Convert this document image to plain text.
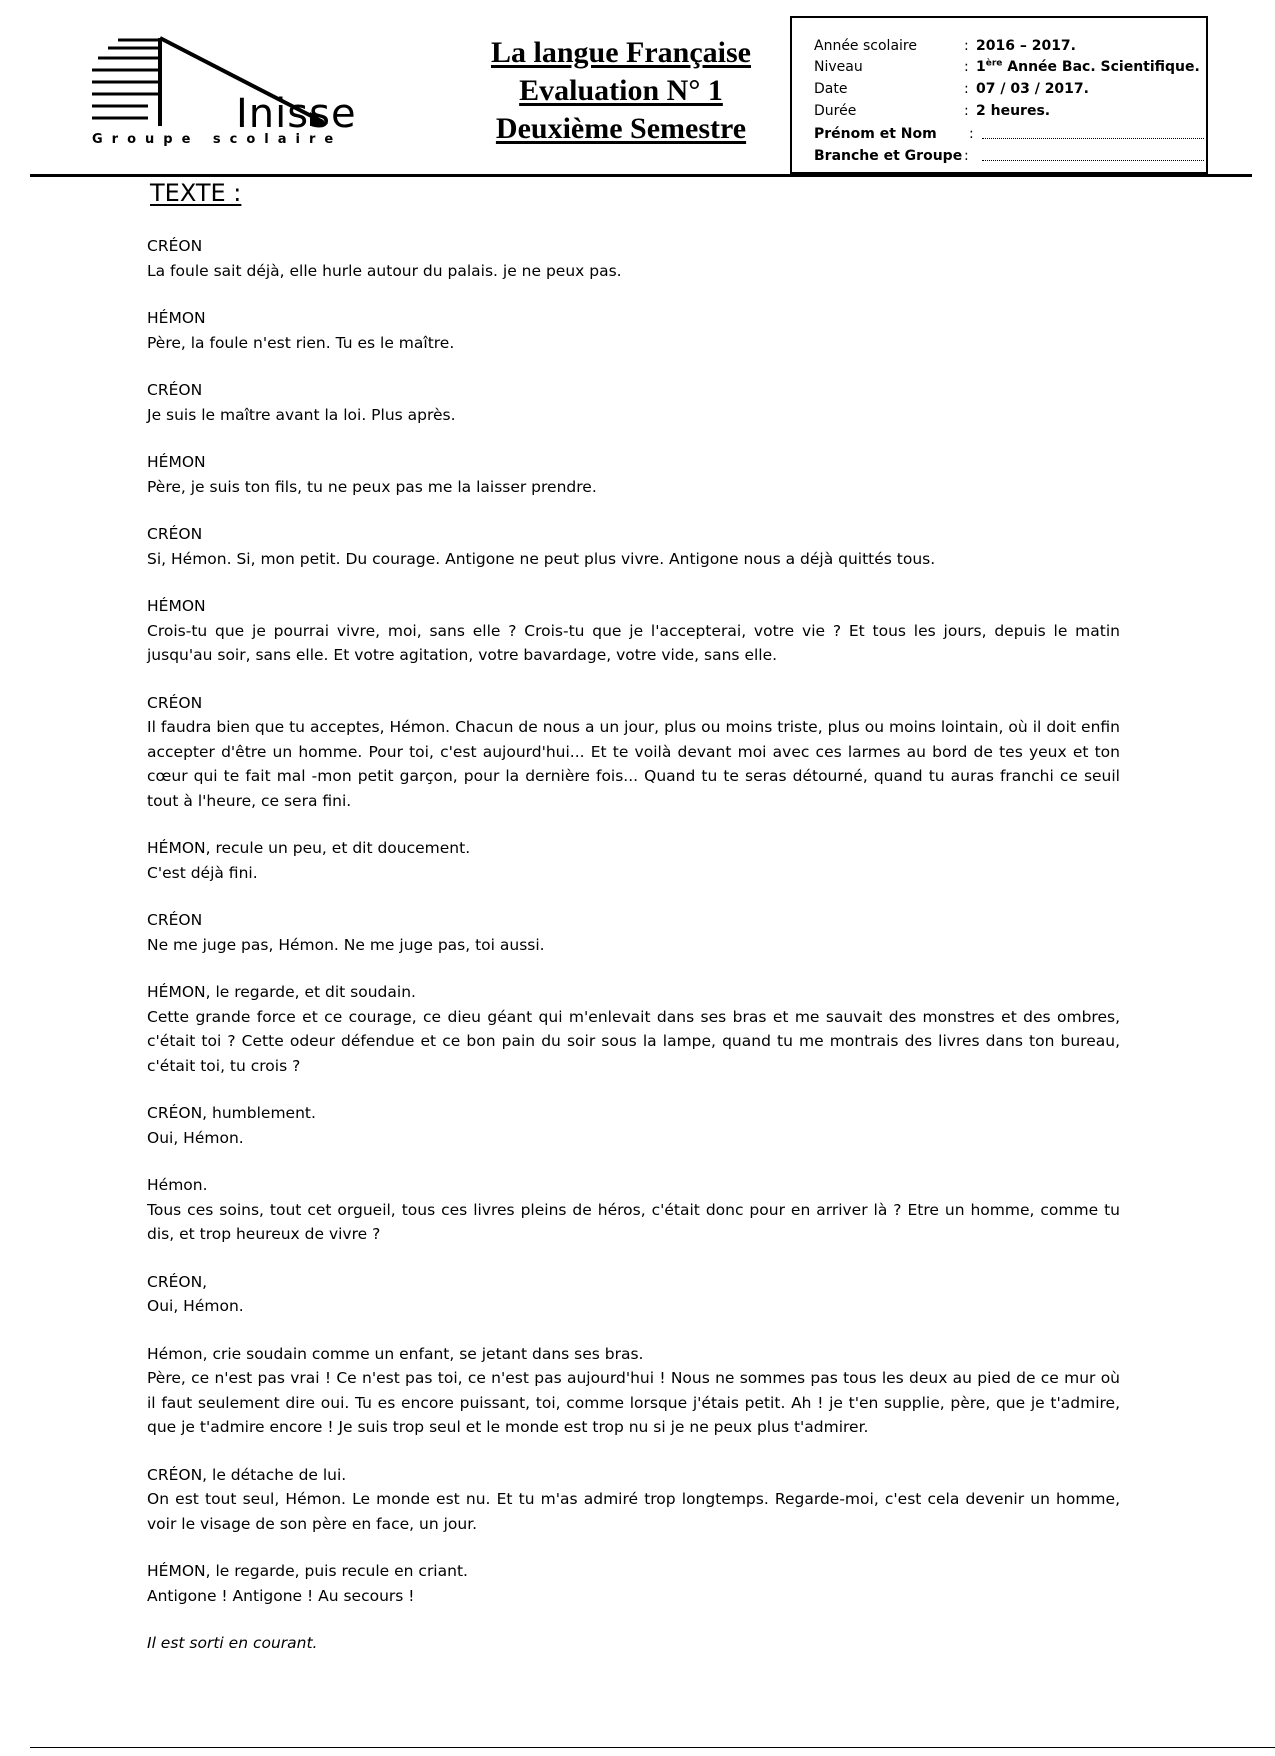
Inisse
Groupe scolaire
La langue Française
Evaluation N° 1
Deuxième Semestre
Année scolaire	: 2016 – 2017.
Niveau	: 1ère Année Bac. Scientifique.
Date	: 07 / 03 / 2017.
Durée	: 2 heures.
Prénom et Nom	:
Branche et Groupe :
TEXTE :
CRÉON
La foule sait déjà, elle hurle autour du palais. je ne peux pas.
HÉMON
Père, la foule n'est rien. Tu es le maître.
CRÉON
Je suis le maître avant la loi. Plus après.
HÉMON
Père, je suis ton fils, tu ne peux pas me la laisser prendre.
CRÉON
Si, Hémon. Si, mon petit. Du courage. Antigone ne peut plus vivre. Antigone nous a déjà quittés tous.
HÉMON
Crois-tu que je pourrai vivre, moi, sans elle ? Crois-tu que je l'accepterai, votre vie ? Et tous les jours, depuis le matin jusqu'au soir, sans elle. Et votre agitation, votre bavardage, votre vide, sans elle.
CRÉON
Il faudra bien que tu acceptes, Hémon. Chacun de nous a un jour, plus ou moins triste, plus ou moins lointain, où il doit enfin accepter d'être un homme. Pour toi, c'est aujourd'hui... Et te voilà devant moi avec ces larmes au bord de tes yeux et ton cœur qui te fait mal -mon petit garçon, pour la dernière fois... Quand tu te seras détourné, quand tu auras franchi ce seuil tout à l'heure, ce sera fini.
HÉMON, recule un peu, et dit doucement.
C'est déjà fini.
CRÉON
Ne me juge pas, Hémon. Ne me juge pas, toi aussi.
HÉMON, le regarde, et dit soudain.
Cette grande force et ce courage, ce dieu géant qui m'enlevait dans ses bras et me sauvait des monstres et des ombres, c'était toi ? Cette odeur défendue et ce bon pain du soir sous la lampe, quand tu me montrais des livres dans ton bureau, c'était toi, tu crois ?
CRÉON, humblement.
Oui, Hémon.
Hémon.
Tous ces soins, tout cet orgueil, tous ces livres pleins de héros, c'était donc pour en arriver là ? Etre un homme, comme tu dis, et trop heureux de vivre ?
CRÉON,
Oui, Hémon.
Hémon, crie soudain comme un enfant, se jetant dans ses bras.
Père, ce n'est pas vrai ! Ce n'est pas toi, ce n'est pas aujourd'hui ! Nous ne sommes pas tous les deux au pied de ce mur où il faut seulement dire oui. Tu es encore puissant, toi, comme lorsque j'étais petit. Ah ! je t'en supplie, père, que je t'admire, que je t'admire encore ! Je suis trop seul et le monde est trop nu si je ne peux plus t'admirer.
CRÉON, le détache de lui.
On est tout seul, Hémon. Le monde est nu. Et tu m'as admiré trop longtemps. Regarde-moi, c'est cela devenir un homme, voir le visage de son père en face, un jour.
HÉMON, le regarde, puis recule en criant.
Antigone ! Antigone ! Au secours !
Il est sorti en courant.
